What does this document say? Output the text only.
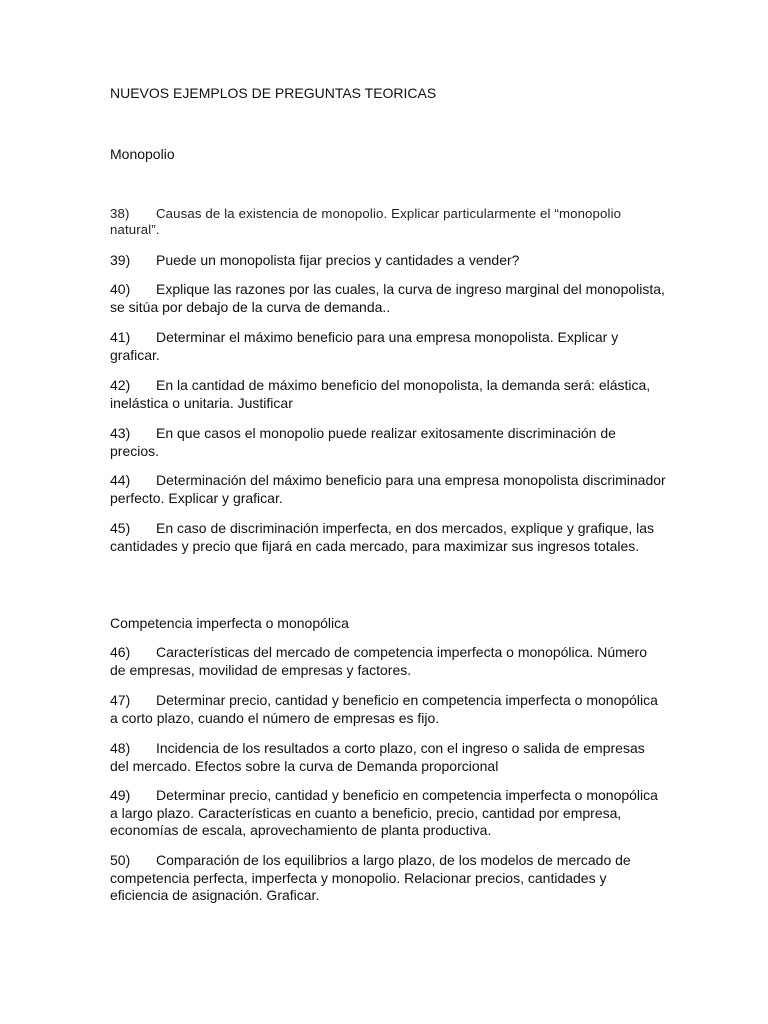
NUEVOS EJEMPLOS DE PREGUNTAS TEORICAS
Monopolio
38) Causas de la existencia de monopolio. Explicar particularmente el “monopolio natural”.
39) Puede un monopolista fijar precios y cantidades a vender?
40) Explique las razones por las cuales, la curva de ingreso marginal del monopolista, se sitúa por debajo de la curva de demanda..
41) Determinar el máximo beneficio para una empresa monopolista. Explicar y graficar.
42) En la cantidad de máximo beneficio del monopolista, la demanda será: elástica, inelástica o unitaria. Justificar
43) En que casos el monopolio puede realizar exitosamente discriminación de precios.
44) Determinación del máximo beneficio para una empresa monopolista discriminador perfecto. Explicar y graficar.
45) En caso de discriminación imperfecta, en dos mercados, explique y grafique, las cantidades y precio que fijará en cada mercado, para maximizar sus ingresos totales.
Competencia imperfecta o monopólica
46) Características del mercado de competencia imperfecta o monopólica. Número de empresas, movilidad de empresas y factores.
47) Determinar precio, cantidad y beneficio en competencia imperfecta o monopólica a corto plazo, cuando el número de empresas es fijo.
48) Incidencia de los resultados a corto plazo, con el ingreso o salida de empresas del mercado. Efectos sobre la curva de Demanda proporcional
49) Determinar precio, cantidad y beneficio en competencia imperfecta o monopólica a largo plazo. Características en cuanto a beneficio, precio, cantidad por empresa, economías de escala, aprovechamiento de planta productiva.
50) Comparación de los equilibrios a largo plazo, de los modelos de mercado de competencia perfecta, imperfecta y monopolio. Relacionar precios, cantidades y eficiencia de asignación. Graficar.
